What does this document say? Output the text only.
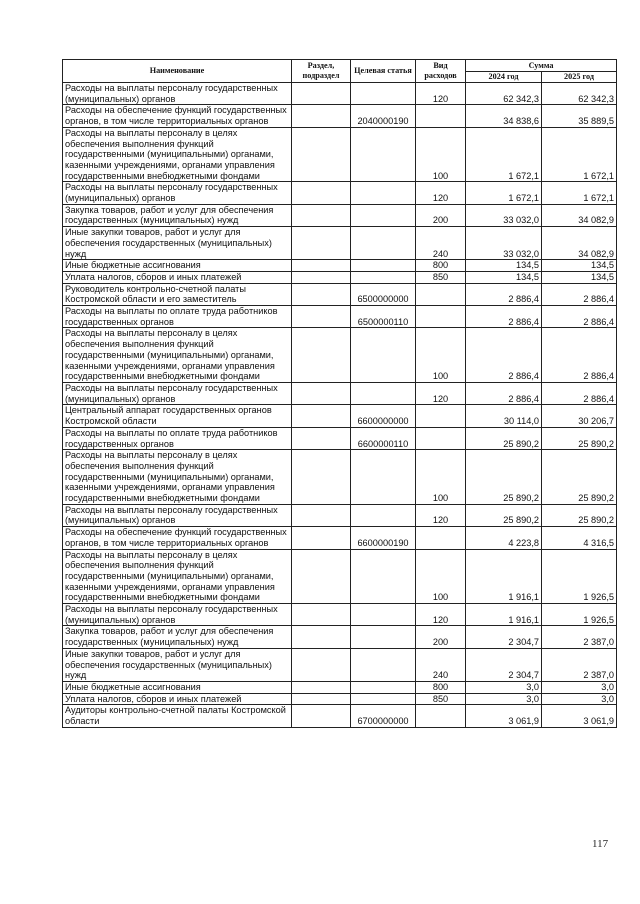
Наименование	Раздел, подраздел	Целевая статья	Вид расходов	Сумма	
				2024 год	2025 год
Расходы на выплаты персоналу государственных (муниципальных) органов			120	62 342,3	62 342,3
Расходы на обеспечение функций государственных органов, в том числе территориальных органов		2040000190		34 838,6	35 889,5
Расходы на выплаты персоналу в целях обеспечения выполнения функций государственными (муниципальными) органами, казенными учреждениями, органами управления государственными внебюджетными фондами			100	1 672,1	1 672,1
Расходы на выплаты персоналу государственных (муниципальных) органов			120	1 672,1	1 672,1
Закупка товаров, работ и услуг для обеспечения государственных (муниципальных) нужд			200	33 032,0	34 082,9
Иные закупки товаров, работ и услуг для обеспечения государственных (муниципальных) нужд			240	33 032,0	34 082,9
Иные бюджетные ассигнования			800	134,5	134,5
Уплата налогов, сборов и иных платежей			850	134,5	134,5
Руководитель контрольно-счетной палаты Костромской области и его заместитель		6500000000		2 886,4	2 886,4
Расходы на выплаты по оплате труда работников государственных органов		6500000110		2 886,4	2 886,4
Расходы на выплаты персоналу в целях обеспечения выполнения функций государственными (муниципальными) органами, казенными учреждениями, органами управления государственными внебюджетными фондами			100	2 886,4	2 886,4
Расходы на выплаты персоналу государственных (муниципальных) органов			120	2 886,4	2 886,4
Центральный аппарат государственных органов Костромской области		6600000000		30 114,0	30 206,7
Расходы на выплаты по оплате труда работников государственных органов		6600000110		25 890,2	25 890,2
Расходы на выплаты персоналу в целях обеспечения выполнения функций государственными (муниципальными) органами, казенными учреждениями, органами управления государственными внебюджетными фондами			100	25 890,2	25 890,2
Расходы на выплаты персоналу государственных (муниципальных) органов			120	25 890,2	25 890,2
Расходы на обеспечение функций государственных органов, в том числе территориальных органов		6600000190		4 223,8	4 316,5
Расходы на выплаты персоналу в целях обеспечения выполнения функций государственными (муниципальными) органами, казенными учреждениями, органами управления государственными внебюджетными фондами			100	1 916,1	1 926,5
Расходы на выплаты персоналу государственных (муниципальных) органов			120	1 916,1	1 926,5
Закупка товаров, работ и услуг для обеспечения государственных (муниципальных) нужд			200	2 304,7	2 387,0
Иные закупки товаров, работ и услуг для обеспечения государственных (муниципальных) нужд			240	2 304,7	2 387,0
Иные бюджетные ассигнования			800	3,0	3,0
Уплата налогов, сборов и иных платежей			850	3,0	3,0
Аудиторы контрольно-счетной палаты Костромской области		6700000000		3 061,9	3 061,9
117
